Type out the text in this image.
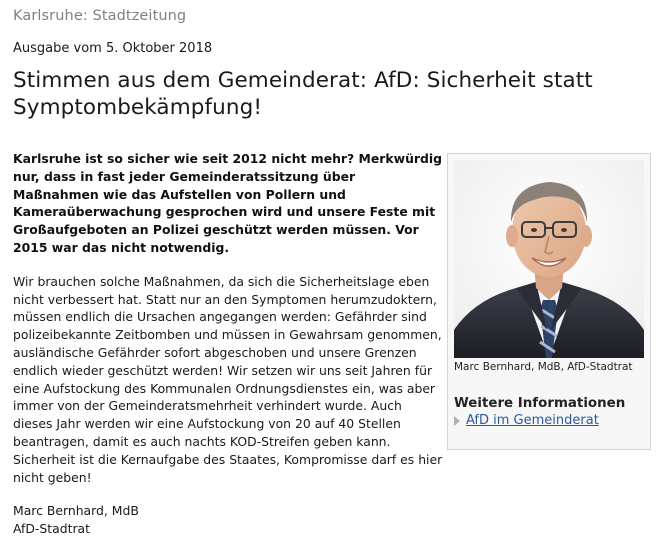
Karlsruhe: Stadtzeitung
Ausgabe vom 5. Oktober 2018
Stimmen aus dem Gemeinderat: AfD: Sicherheit statt Symptombekämpfung!

Karlsruhe ist so sicher wie seit 2012 nicht mehr? Merkwürdig nur, dass in fast jeder Gemeinderatssitzung über Maßnahmen wie das Aufstellen von Pollern und Kameraüberwachung gesprochen wird und unsere Feste mit Großaufgeboten an Polizei geschützt werden müssen. Vor 2015 war das nicht notwendig.

Wir brauchen solche Maßnahmen, da sich die Sicherheitslage eben nicht verbessert hat. Statt nur an den Symptomen herumzudoktern, müssen endlich die Ursachen angegangen werden: Gefährder sind polizeibekannte Zeitbomben und müssen in Gewahrsam genommen, ausländische Gefährder sofort abgeschoben und unsere Grenzen endlich wieder geschützt werden! Wir setzen wir uns seit Jahren für eine Aufstockung des Kommunalen Ordnungsdienstes ein, was aber immer von der Gemeinderatsmehrheit verhindert wurde. Auch dieses Jahr werden wir eine Aufstockung von 20 auf 40 Stellen beantragen, damit es auch nachts KOD-Streifen geben kann. Sicherheit ist die Kernaufgabe des Staates, Kompromisse darf es hier nicht geben!

Marc Bernhard, MdB
AfD-Stadtrat

Marc Bernhard, MdB, AfD-Stadtrat
Weitere Informationen
AfD im Gemeinderat
